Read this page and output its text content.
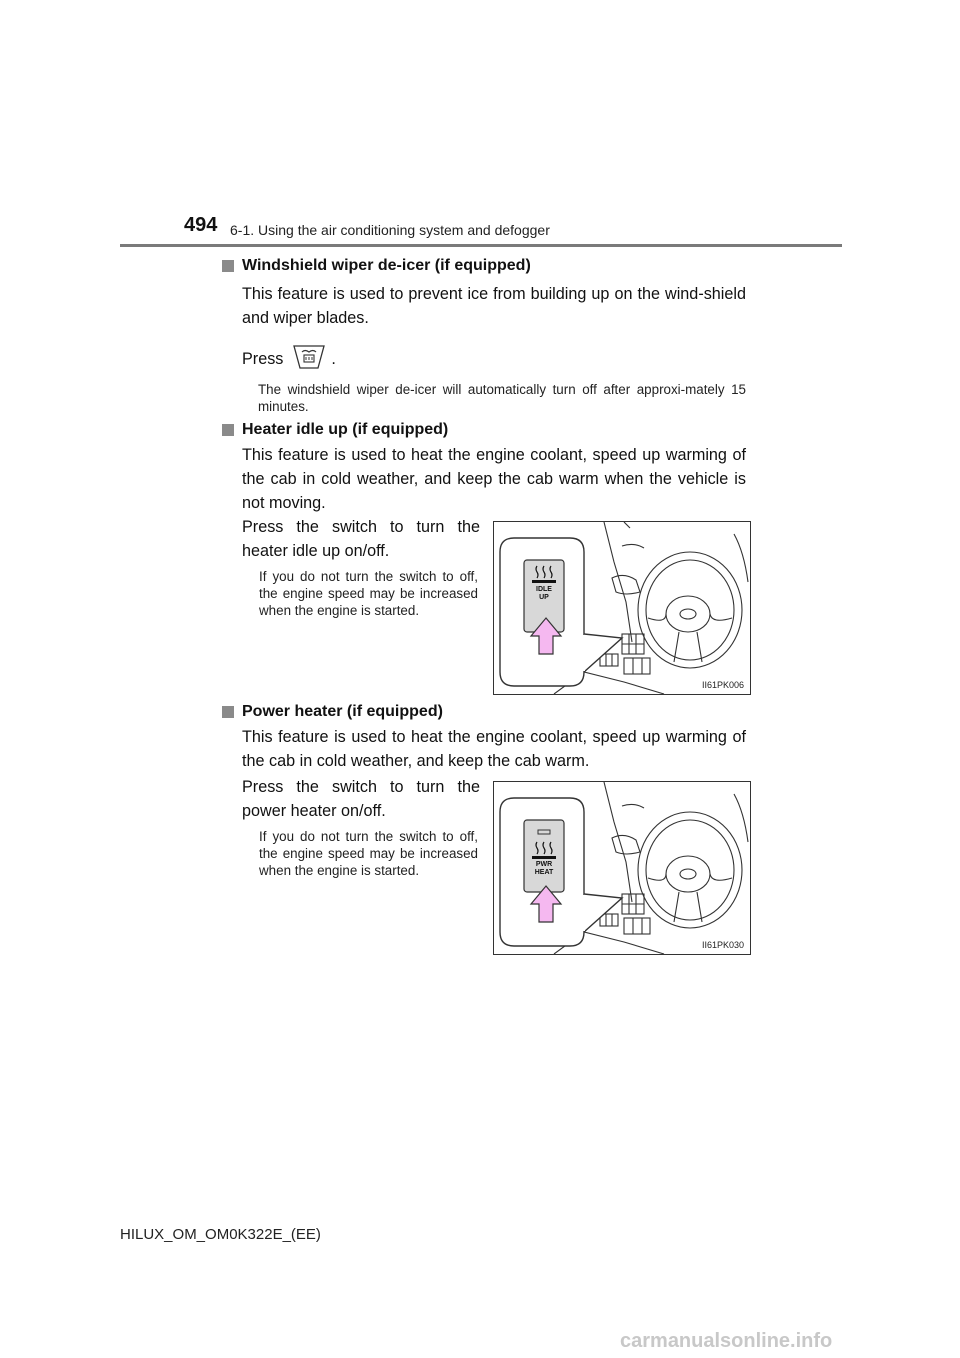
494 6-1. Using the air conditioning system and defogger
Windshield wiper de-icer (if equipped)
This feature is used to prevent ice from building up on the wind-shield and wiper blades.
Press	.
The windshield wiper de-icer will automatically turn off after approxi-mately 15 minutes.
Heater idle up (if equipped)
This feature is used to heat the engine coolant, speed up warming of the cab in cold weather, and keep the cab warm when the vehicle is not moving.
Press the switch to turn the heater idle up on/off.
If you do not turn the switch to off, the engine speed may be increased when the engine is started.
IDLE
UP
II61PK006
Power heater (if equipped)
This feature is used to heat the engine coolant, speed up warming of the cab in cold weather, and keep the cab warm.
Press the switch to turn the power heater on/off.
If you do not turn the switch to off, the engine speed may be increased when the engine is started.	PWR
HEAT
II61PK030
HILUX_OM_OM0K322E_(EE)
carmanualsonline.info
